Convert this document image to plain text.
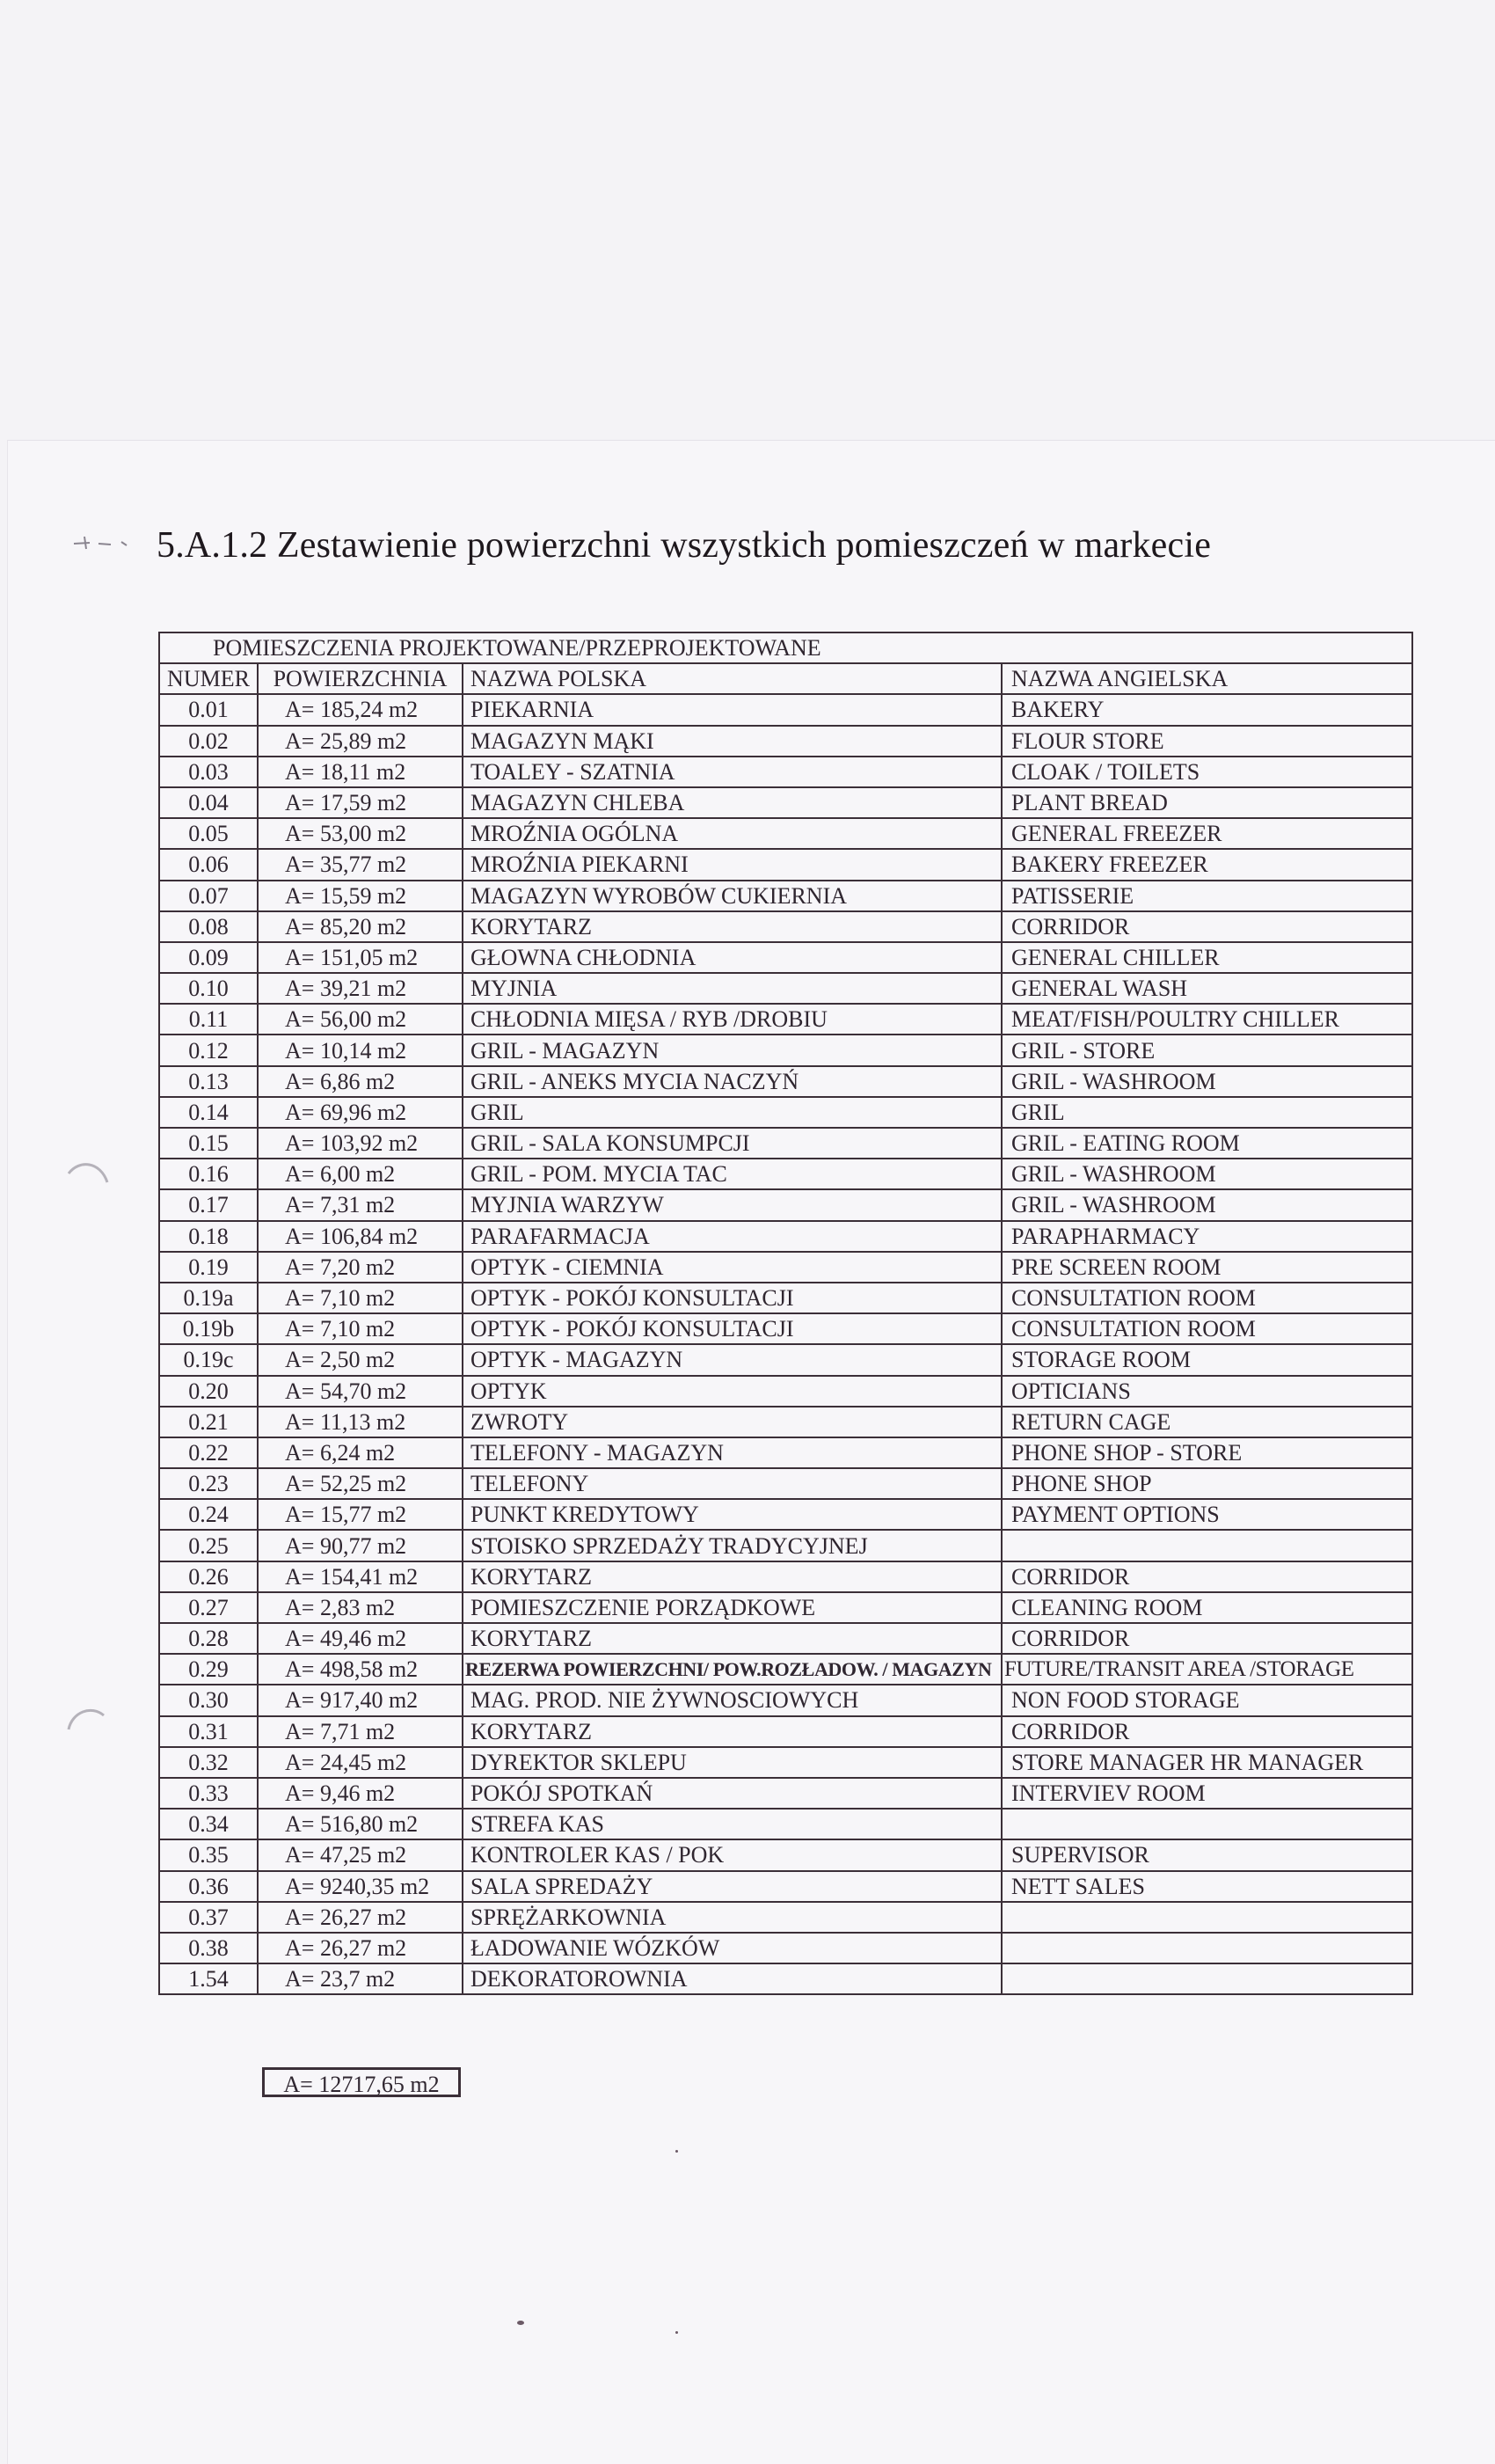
5.A.1.2 Zestawienie powierzchni wszystkich pomieszczeń w markecie
POMIESZCZENIA PROJEKTOWANE/PRZEPROJEKTOWANE			
NUMER	POWIERZCHNIA	NAZWA POLSKA	NAZWA ANGIELSKA
0.01	A= 185,24 m2	PIEKARNIA	BAKERY
0.02	A= 25,89 m2	MAGAZYN MĄKI	FLOUR STORE
0.03	A= 18,11 m2	TOALEY - SZATNIA	CLOAK / TOILETS
0.04	A= 17,59 m2	MAGAZYN CHLEBA	PLANT BREAD
0.05	A= 53,00 m2	MROŹNIA OGÓLNA	GENERAL FREEZER
0.06	A= 35,77 m2	MROŹNIA PIEKARNI	BAKERY FREEZER
0.07	A= 15,59 m2	MAGAZYN WYROBÓW CUKIERNIA	PATISSERIE
0.08	A= 85,20 m2	KORYTARZ	CORRIDOR
0.09	A= 151,05 m2	GŁOWNA CHŁODNIA	GENERAL CHILLER
0.10	A= 39,21 m2	MYJNIA	GENERAL WASH
0.11	A= 56,00 m2	CHŁODNIA MIĘSA / RYB /DROBIU	MEAT/FISH/POULTRY CHILLER
0.12	A= 10,14 m2	GRIL - MAGAZYN	GRIL - STORE
0.13	A= 6,86 m2	GRIL - ANEKS MYCIA NACZYŃ	GRIL - WASHROOM
0.14	A= 69,96 m2	GRIL	GRIL
0.15	A= 103,92 m2	GRIL - SALA KONSUMPCJI	GRIL - EATING ROOM
0.16	A= 6,00 m2	GRIL - POM. MYCIA TAC	GRIL - WASHROOM
0.17	A= 7,31 m2	MYJNIA WARZYW	GRIL - WASHROOM
0.18	A= 106,84 m2	PARAFARMACJA	PARAPHARMACY
0.19	A= 7,20 m2	OPTYK - CIEMNIA	PRE SCREEN ROOM
0.19a	A= 7,10 m2	OPTYK - POKÓJ KONSULTACJI	CONSULTATION ROOM
0.19b	A= 7,10 m2	OPTYK - POKÓJ KONSULTACJI	CONSULTATION ROOM
0.19c	A= 2,50 m2	OPTYK - MAGAZYN	STORAGE ROOM
0.20	A= 54,70 m2	OPTYK	OPTICIANS
0.21	A= 11,13 m2	ZWROTY	RETURN CAGE
0.22	A= 6,24 m2	TELEFONY - MAGAZYN	PHONE SHOP - STORE
0.23	A= 52,25 m2	TELEFONY	PHONE SHOP
0.24	A= 15,77 m2	PUNKT KREDYTOWY	PAYMENT OPTIONS
0.25	A= 90,77 m2	STOISKO SPRZEDAŻY TRADYCYJNEJ	
0.26	A= 154,41 m2	KORYTARZ	CORRIDOR
0.27	A= 2,83 m2	POMIESZCZENIE PORZĄDKOWE	CLEANING ROOM
0.28	A= 49,46 m2	KORYTARZ	CORRIDOR
0.29	A= 498,58 m2	REZERWA POWIERZCHNI/ POW.ROZŁADOW. / MAGAZYN	FUTURE/TRANSIT AREA /STORAGE
0.30	A= 917,40 m2	MAG. PROD. NIE ŻYWNOSCIOWYCH	NON FOOD STORAGE
0.31	A= 7,71 m2	KORYTARZ	CORRIDOR
0.32	A= 24,45 m2	DYREKTOR SKLEPU	STORE MANAGER HR MANAGER
0.33	A= 9,46 m2	POKÓJ SPOTKAŃ	INTERVIEV ROOM
0.34	A= 516,80 m2	STREFA KAS	
0.35	A= 47,25 m2	KONTROLER KAS / POK	SUPERVISOR
0.36	A= 9240,35 m2	SALA SPREDAŻY	NETT SALES
0.37	A= 26,27 m2	SPRĘŻARKOWNIA	
0.38	A= 26,27 m2	ŁADOWANIE WÓZKÓW	
1.54	A= 23,7 m2	DEKORATOROWNIA	
A= 12717,65 m2
